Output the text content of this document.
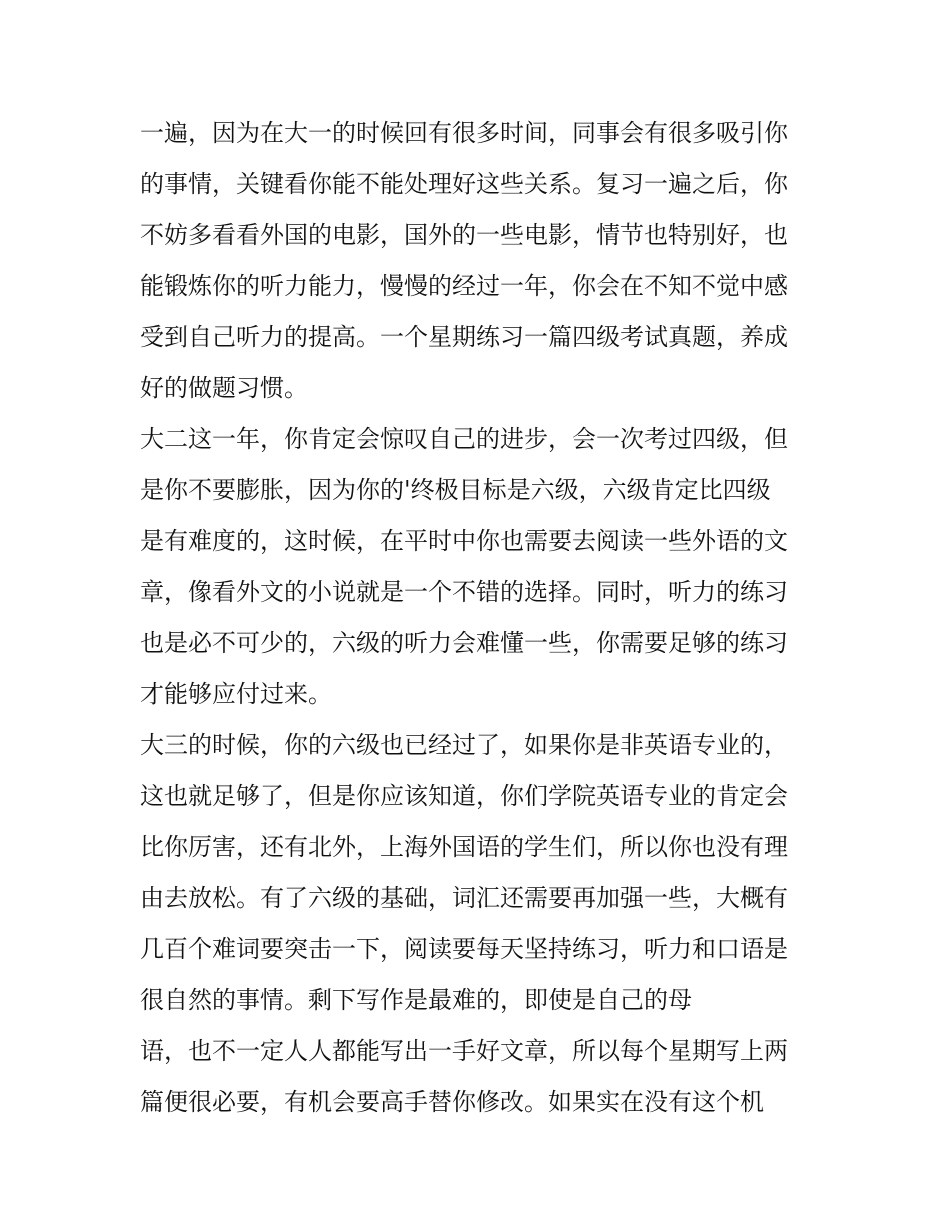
一遍，因为在大一的时候回有很多时间，同事会有很多吸引你
的事情，关键看你能不能处理好这些关系。复习一遍之后，你
不妨多看看外国的电影，国外的一些电影，情节也特别好，也
能锻炼你的听力能力，慢慢的经过一年，你会在不知不觉中感
受到自己听力的提高。一个星期练习一篇四级考试真题，养成
好的做题习惯。
大二这一年，你肯定会惊叹自己的进步，会一次考过四级，但
是你不要膨胀，因为你的'终极目标是六级，六级肯定比四级
是有难度的，这时候，在平时中你也需要去阅读一些外语的文
章，像看外文的小说就是一个不错的选择。同时，听力的练习
也是必不可少的，六级的听力会难懂一些，你需要足够的练习
才能够应付过来。
大三的时候，你的六级也已经过了，如果你是非英语专业的，
这也就足够了，但是你应该知道，你们学院英语专业的肯定会
比你厉害，还有北外，上海外国语的学生们，所以你也没有理
由去放松。有了六级的基础，词汇还需要再加强一些，大概有
几百个难词要突击一下，阅读要每天坚持练习，听力和口语是
很自然的事情。剩下写作是最难的，即使是自己的母
语，也不一定人人都能写出一手好文章，所以每个星期写上两
篇便很必要，有机会要高手替你修改。如果实在没有这个机
